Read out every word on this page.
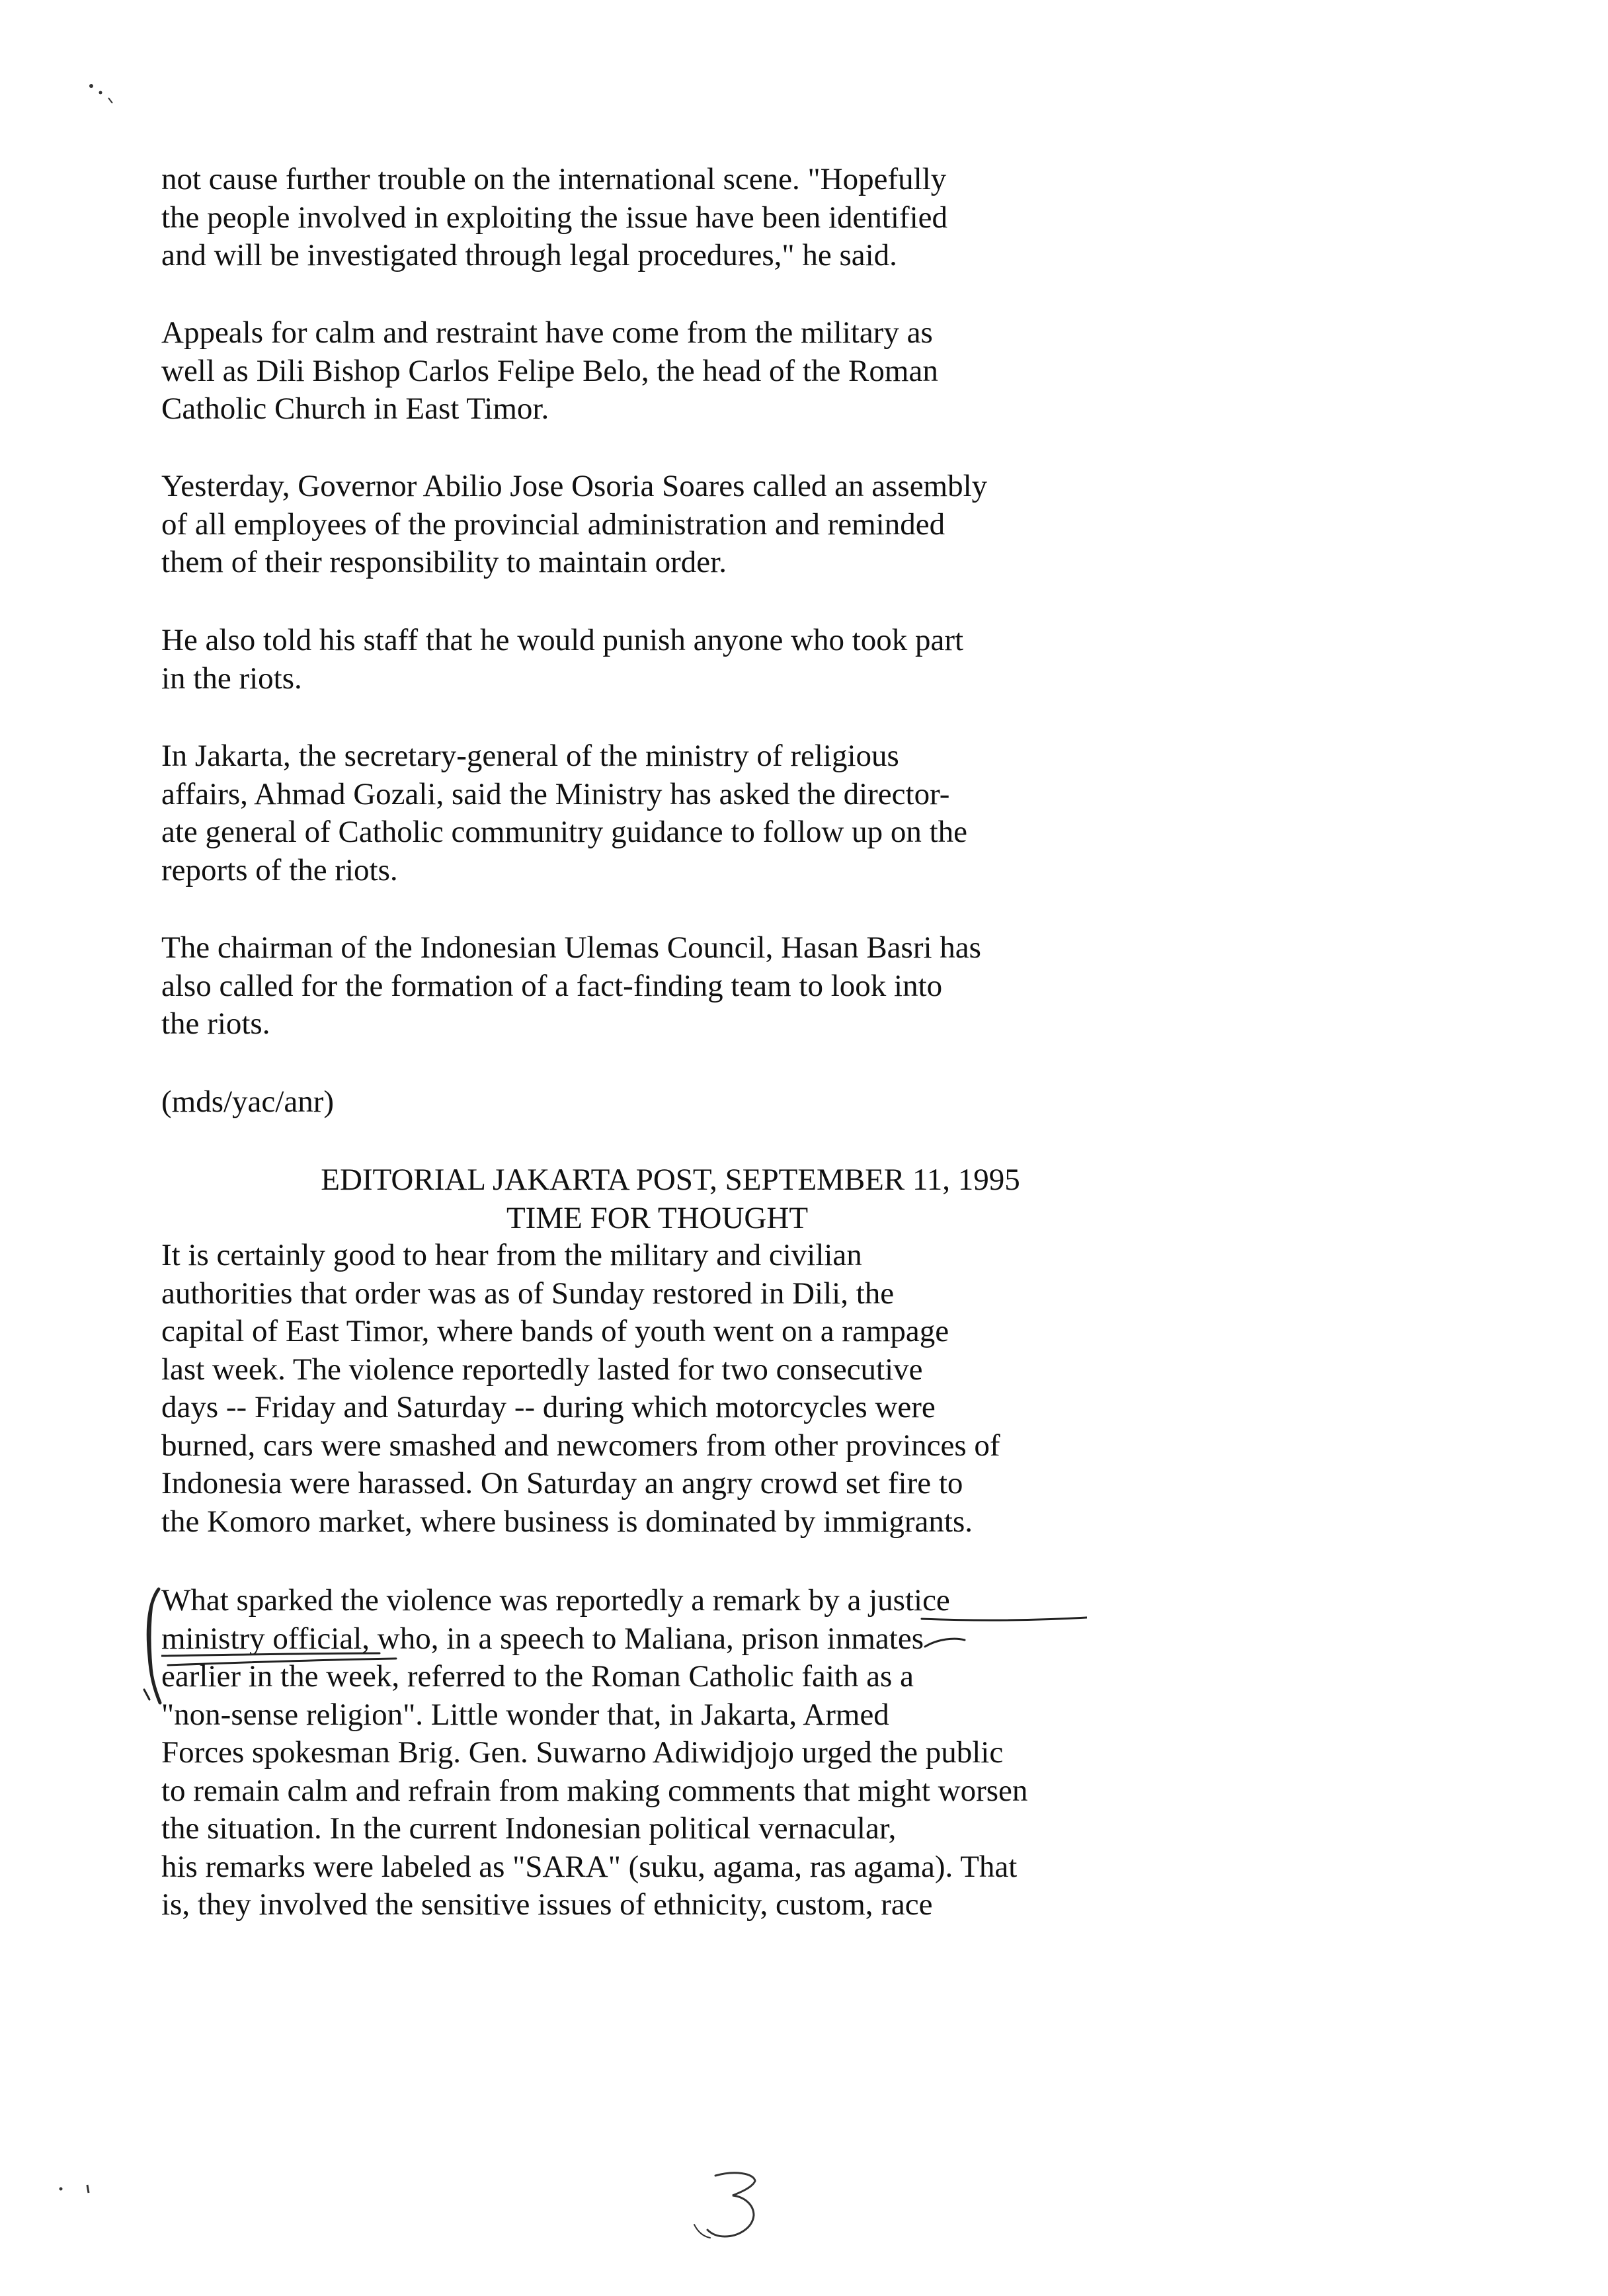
not cause further trouble on the international scene. "Hopefully
the people involved in exploiting the issue have been identified
and will be investigated through legal procedures," he said.
Appeals for calm and restraint have come from the military as
well as Dili Bishop Carlos Felipe Belo, the head of the Roman
Catholic Church in East Timor.
Yesterday, Governor Abilio Jose Osoria Soares called an assembly
of all employees of the provincial administration and reminded
them of their responsibility to maintain order.
He also told his staff that he would punish anyone who took part
in the riots.
In Jakarta, the secretary-general of the ministry of religious
affairs, Ahmad Gozali, said the Ministry has asked the director-
ate general of Catholic communitry guidance to follow up on the
reports of the riots.
The chairman of the Indonesian Ulemas Council, Hasan Basri has
also called for the formation of a fact-finding team to look into
the riots.
(mds/yac/anr)
EDITORIAL JAKARTA POST, SEPTEMBER 11, 1995
TIME FOR THOUGHT
It is certainly good to hear from the military and civilian
authorities that order was as of Sunday restored in Dili, the
capital of East Timor, where bands of youth went on a rampage
last week. The violence reportedly lasted for two consecutive
days -- Friday and Saturday -- during which motorcycles were
burned, cars were smashed and newcomers from other provinces of
Indonesia were harassed. On Saturday an angry crowd set fire to
the Komoro market, where business is dominated by immigrants.
What sparked the violence was reportedly a remark by a justice
ministry official, who, in a speech to Maliana, prison inmates
earlier in the week, referred to the Roman Catholic faith as a
"non-sense religion". Little wonder that, in Jakarta, Armed
Forces spokesman Brig. Gen. Suwarno Adiwidjojo urged the public
to remain calm and refrain from making comments that might worsen
the situation. In the current Indonesian political vernacular,
his remarks were labeled as "SARA" (suku, agama, ras agama). That
is, they involved the sensitive issues of ethnicity, custom, race
